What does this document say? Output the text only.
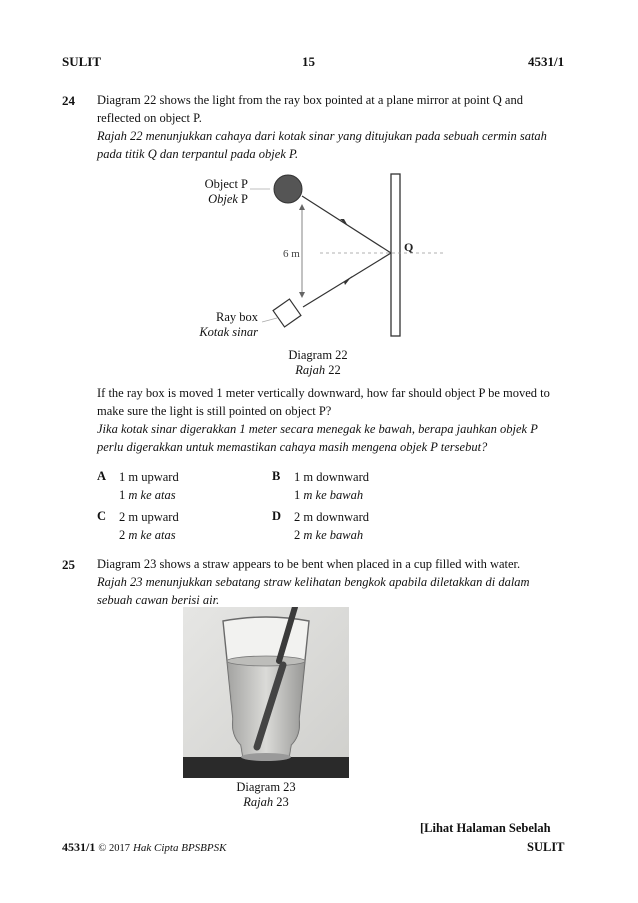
SULIT	15	4531/1
24 Diagram 22 shows the light from the ray box pointed at a plane mirror at point Q and
reflected on object P.
Rajah 22 menunjukkan cahaya dari kotak sinar yang ditujukan pada sebuah cermin satah
pada titik Q dan terpantul pada objek P.
6 m	Q
Object P
Objek P
Ray box
Kotak sinar
Diagram 22
Rajah 22
If the ray box is moved 1 meter vertically downward, how far should object P be moved to
make sure the light is still pointed on object P?
Jika kotak sinar digerakkan 1 meter secara menegak ke bawah, berapa jauhkan objek P
perlu digerakkan untuk memastikan cahaya masih mengena objek P tersebut?
A 1 m upward
1 m ke atas
B 1 m downward
1 m ke bawah
C 2 m upward
2 m ke atas
D 2 m downward
2 m ke bawah
25 Diagram 23 shows a straw appears to be bent when placed in a cup filled with water.
Rajah 23 menunjukkan sebatang straw kelihatan bengkok apabila diletakkan di dalam
sebuah cawan berisi air.
Diagram 23
Rajah 23
[Lihat Halaman Sebelah
4531/1 © 2017 Hak Cipta BPSBPSK	SULIT
